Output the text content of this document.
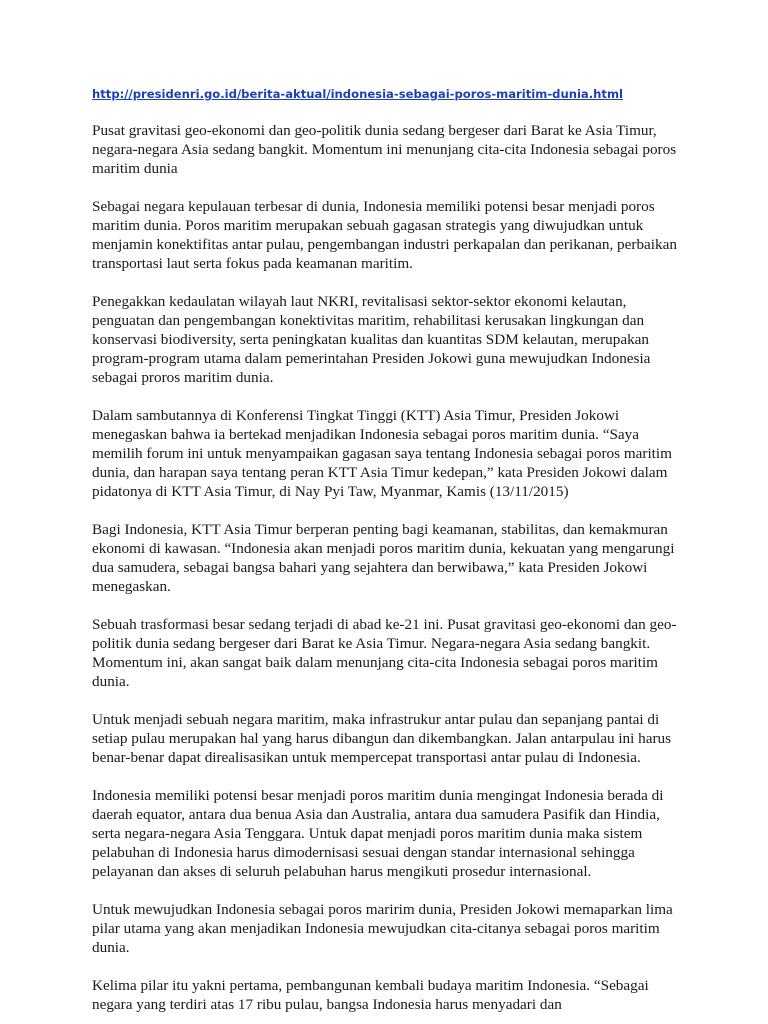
http://presidenri.go.id/berita-aktual/indonesia-sebagai-poros-maritim-dunia.html

Pusat gravitasi geo-ekonomi dan geo-politik dunia sedang bergeser dari Barat ke Asia Timur, negara-negara Asia sedang bangkit. Momentum ini menunjang cita-cita Indonesia sebagai poros maritim dunia

Sebagai negara kepulauan terbesar di dunia, Indonesia memiliki potensi besar menjadi poros maritim dunia. Poros maritim merupakan sebuah gagasan strategis yang diwujudkan untuk menjamin konektifitas antar pulau, pengembangan industri perkapalan dan perikanan, perbaikan transportasi laut serta fokus pada keamanan maritim.

Penegakkan kedaulatan wilayah laut NKRI, revitalisasi sektor-sektor ekonomi kelautan, penguatan dan pengembangan konektivitas maritim, rehabilitasi kerusakan lingkungan dan konservasi biodiversity, serta peningkatan kualitas dan kuantitas SDM kelautan, merupakan program-program utama dalam pemerintahan Presiden Jokowi guna mewujudkan Indonesia sebagai proros maritim dunia.

Dalam sambutannya di Konferensi Tingkat Tinggi (KTT) Asia Timur, Presiden Jokowi menegaskan bahwa ia bertekad menjadikan Indonesia sebagai poros maritim dunia. “Saya memilih forum ini untuk menyampaikan gagasan saya tentang Indonesia sebagai poros maritim dunia, dan harapan saya tentang peran KTT Asia Timur kedepan,” kata Presiden Jokowi dalam pidatonya di KTT Asia Timur, di Nay Pyi Taw, Myanmar, Kamis (13/11/2015)

Bagi Indonesia, KTT Asia Timur berperan penting bagi keamanan, stabilitas, dan kemakmuran ekonomi di kawasan. “Indonesia akan menjadi poros maritim dunia, kekuatan yang mengarungi dua samudera, sebagai bangsa bahari yang sejahtera dan berwibawa,” kata Presiden Jokowi menegaskan.

Sebuah trasformasi besar sedang terjadi di abad ke-21 ini. Pusat gravitasi geo-ekonomi dan geo-politik dunia sedang bergeser dari Barat ke Asia Timur. Negara-negara Asia sedang bangkit. Momentum ini, akan sangat baik dalam menunjang cita-cita Indonesia sebagai poros maritim dunia.

Untuk menjadi sebuah negara maritim, maka infrastrukur antar pulau dan sepanjang pantai di setiap pulau merupakan hal yang harus dibangun dan dikembangkan. Jalan antarpulau ini harus benar-benar dapat direalisasikan untuk mempercepat transportasi antar pulau di Indonesia.

Indonesia memiliki potensi besar menjadi poros maritim dunia mengingat Indonesia berada di daerah equator, antara dua benua Asia dan Australia, antara dua samudera Pasifik dan Hindia, serta negara-negara Asia Tenggara. Untuk dapat menjadi poros maritim dunia maka sistem pelabuhan di Indonesia harus dimodernisasi sesuai dengan standar internasional sehingga pelayanan dan akses di seluruh pelabuhan harus mengikuti prosedur internasional.

Untuk mewujudkan Indonesia sebagai poros maririm dunia, Presiden Jokowi memaparkan lima pilar utama yang akan menjadikan Indonesia mewujudkan cita-citanya sebagai poros maritim dunia.

Kelima pilar itu yakni pertama, pembangunan kembali budaya maritim Indonesia. “Sebagai negara yang terdiri atas 17 ribu pulau, bangsa Indonesia harus menyadari dan
